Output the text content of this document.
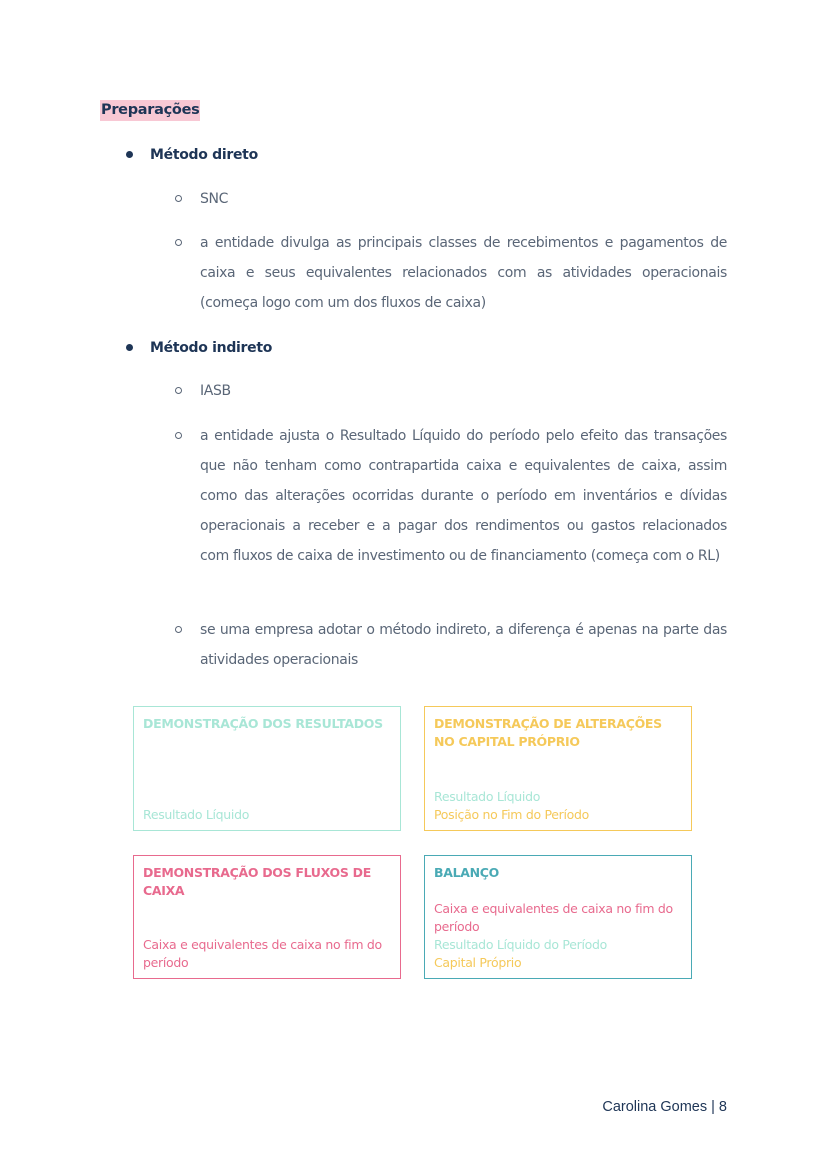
Preparações
Método direto
SNC
a entidade divulga as principais classes de recebimentos e pagamentos de caixa e seus equivalentes relacionados com as atividades operacionais (começa logo com um dos fluxos de caixa)
Método indireto
IASB
a entidade ajusta o Resultado Líquido do período pelo efeito das transações que não tenham como contrapartida caixa e equivalentes de caixa, assim como das alterações ocorridas durante o período em inventários e dívidas operacionais a receber e a pagar dos rendimentos ou gastos relacionados com fluxos de caixa de investimento ou de financiamento (começa com o RL)
se uma empresa adotar o método indireto, a diferença é apenas na parte das atividades operacionais
DEMONSTRAÇÃO DOS RESULTADOS
Resultado Líquido
DEMONSTRAÇÃO DE ALTERAÇÕES NO CAPITAL PRÓPRIO
Resultado Líquido
Posição no Fim do Período
DEMONSTRAÇÃO DOS FLUXOS DE CAIXA
Caixa e equivalentes de caixa no fim do período
BALANÇO
Caixa e equivalentes de caixa no fim do período
Resultado Líquido do Período
Capital Próprio
Carolina Gomes | 8
